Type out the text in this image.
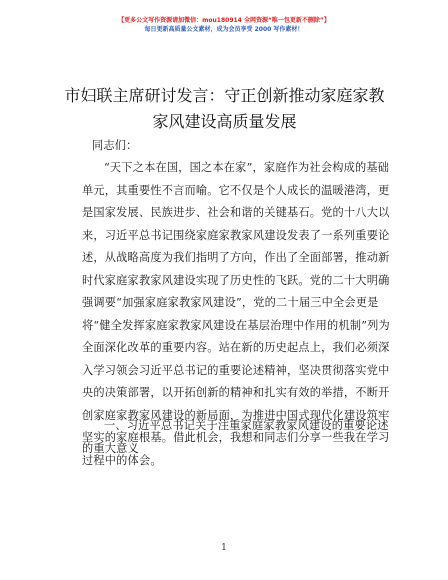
【更多公文写作资源请加微信：mou180914 全网资源“唯一包更新不删除”】
每日更新高质量公文素材，成为会员享受 2000 写作素材！
市妇联主席研讨发言：守正创新推动家庭家教
家风建设高质量发展
同志们：
“天下之本在国，国之本在家”，家庭作为社会构成的基础单元，其重要性不言而喻。它不仅是个人成长的温暖港湾，更是国家发展、民族进步、社会和谐的关键基石。党的十八大以来，习近平总书记围绕家庭家教家风建设发表了一系列重要论述，从战略高度为我们指明了方向，作出了全面部署，推动新时代家庭家教家风建设实现了历史性的飞跃。党的二十大明确强调要“加强家庭家教家风建设”，党的二十届三中全会更是将“健全发挥家庭家教家风建设在基层治理中作用的机制”列为全面深化改革的重要内容。站在新的历史起点上，我们必须深入学习领会习近平总书记的重要论述精神，坚决贯彻落实党中央的决策部署，以开拓创新的精神和扎实有效的举措，不断开创家庭家教家风建设的新局面，为推进中国式现代化建设筑牢坚实的家庭根基。借此机会，我想和同志们分享一些我在学习过程中的体会。
一、习近平总书记关于注重家庭家教家风建设的重要论述的重大意义
1
